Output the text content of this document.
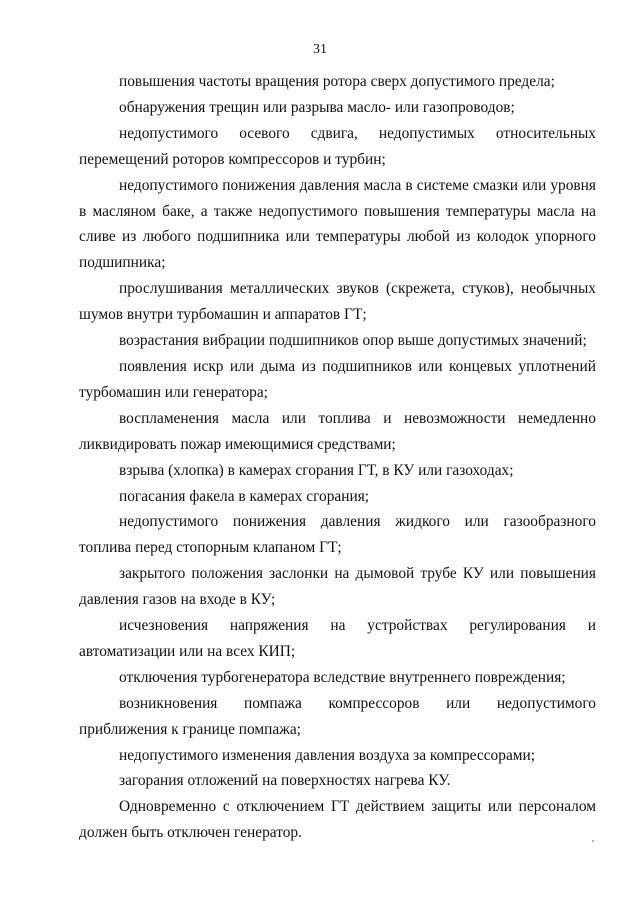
31

повышения частоты вращения ротора сверх допустимого предела;

обнаружения трещин или разрыва масло- или газопроводов;

недопустимого осевого сдвига, недопустимых относительных перемещений роторов компрессоров и турбин;

недопустимого понижения давления масла в системе смазки или уровня в масляном баке, а также недопустимого повышения температуры масла на сливе из любого подшипника или температуры любой из колодок упорного подшипника;

прослушивания металлических звуков (скрежета, стуков), необычных шумов внутри турбомашин и аппаратов ГТ;

возрастания вибрации подшипников опор выше допустимых значений;

появления искр или дыма из подшипников или концевых уплотнений турбомашин или генератора;

воспламенения масла или топлива и невозможности немедленно ликвидировать пожар имеющимися средствами;

взрыва (хлопка) в камерах сгорания ГТ, в КУ или газоходах;

погасания факела в камерах сгорания;

недопустимого понижения давления жидкого или газообразного топлива перед стопорным клапаном ГТ;

закрытого положения заслонки на дымовой трубе КУ или повышения давления газов на входе в КУ;

исчезновения напряжения на устройствах регулирования и автоматизации или на всех КИП;

отключения турбогенератора вследствие внутреннего повреждения;

возникновения помпажа компрессоров или недопустимого приближения к границе помпажа;

недопустимого изменения давления воздуха за компрессорами;

загорания отложений на поверхностях нагрева КУ.

Одновременно с отключением ГТ действием защиты или персоналом должен быть отключен генератор.
